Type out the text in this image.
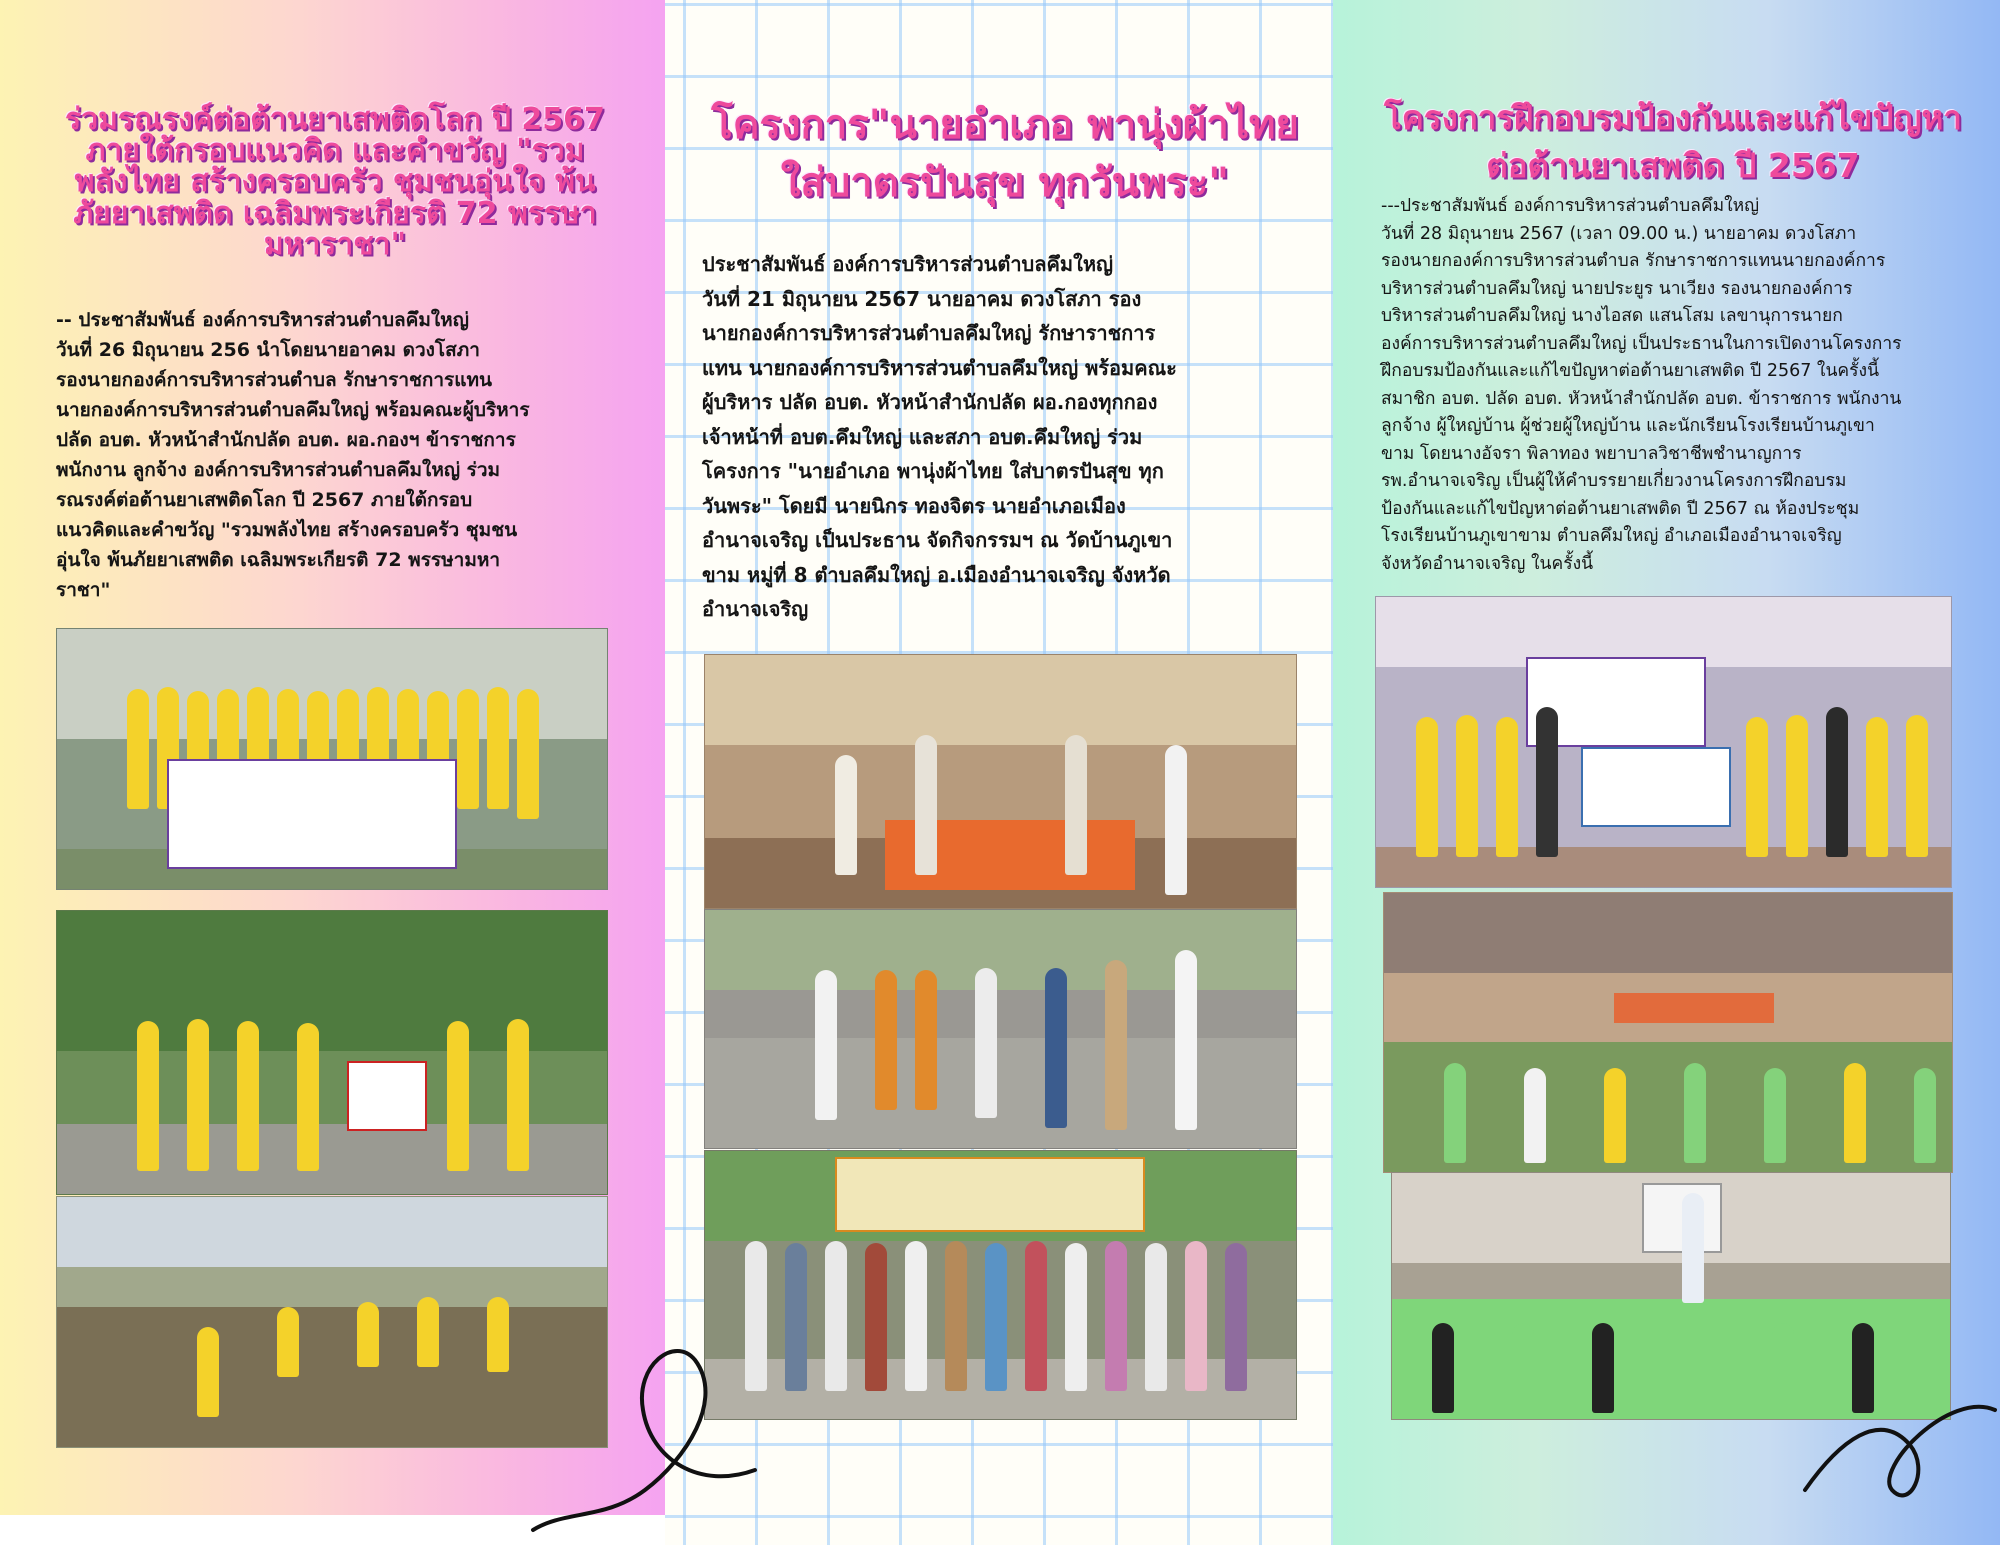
ร่วมรณรงค์ต่อต้านยาเสพติดโลก ปี 2567 ภายใต้กรอบแนวคิด และคำขวัญ "รวมพลังไทย สร้างครอบครัว ชุมชนอุ่นใจ พ้นภัยยาเสพติด เฉลิมพระเกียรติ 72 พรรษามหาราชา"
-- ประชาสัมพันธ์ องค์การบริหารส่วนตำบลคึมใหญ่
วันที่ 26 มิถุนายน 256 นำโดยนายอาคม ดวงโสภา
รองนายกองค์การบริหารส่วนตำบล รักษาราชการแทน
นายกองค์การบริหารส่วนตำบลคึมใหญ่ พร้อมคณะผู้บริหาร
ปลัด อบต. หัวหน้าสำนักปลัด อบต. ผอ.กองฯ ข้าราชการ
พนักงาน ลูกจ้าง องค์การบริหารส่วนตำบลคึมใหญ่ ร่วม
รณรงค์ต่อต้านยาเสพติดโลก ปี 2567 ภายใต้กรอบ
แนวคิดและคำขวัญ "รวมพลังไทย สร้างครอบครัว ชุมชน
อุ่นใจ พ้นภัยยาเสพติด เฉลิมพระเกียรติ 72 พรรษามหา
ราชา"
โครงการ"นายอำเภอ พานุ่งผ้าไทย ใส่บาตรปันสุข ทุกวันพระ"
ประชาสัมพันธ์ องค์การบริหารส่วนตำบลคึมใหญ่
วันที่ 21 มิถุนายน 2567 นายอาคม ดวงโสภา รอง
นายกองค์การบริหารส่วนตำบลคึมใหญ่ รักษาราชการ
แทน นายกองค์การบริหารส่วนตำบลคึมใหญ่ พร้อมคณะ
ผู้บริหาร ปลัด อบต. หัวหน้าสำนักปลัด ผอ.กองทุกกอง
เจ้าหน้าที่ อบต.คึมใหญ่ และสภา อบต.คึมใหญ่ ร่วม
โครงการ "นายอำเภอ พานุ่งผ้าไทย ใส่บาตรปันสุข ทุก
วันพระ" โดยมี นายนิกร ทองจิตร นายอำเภอเมือง
อำนาจเจริญ เป็นประธาน จัดกิจกรรมฯ ณ วัดบ้านภูเขา
ขาม หมู่ที่ 8 ตำบลคึมใหญ่ อ.เมืองอำนาจเจริญ จังหวัด
อำนาจเจริญ
โครงการฝึกอบรมป้องกันและแก้ไขปัญหาต่อต้านยาเสพติด ปี 2567
---ประชาสัมพันธ์ องค์การบริหารส่วนตำบลคึมใหญ่
วันที่ 28 มิถุนายน 2567 (เวลา 09.00 น.) นายอาคม ดวงโสภา
รองนายกองค์การบริหารส่วนตำบล รักษาราชการแทนนายกองค์การ
บริหารส่วนตำบลคึมใหญ่ นายประยูร นาเวียง รองนายกองค์การ
บริหารส่วนตำบลคึมใหญ่ นางไอสด แสนโสม เลขานุการนายก
องค์การบริหารส่วนตำบลคึมใหญ่ เป็นประธานในการเปิดงานโครงการ
ฝึกอบรมป้องกันและแก้ไขปัญหาต่อต้านยาเสพติด ปี 2567 ในครั้งนี้
สมาชิก อบต. ปลัด อบต. หัวหน้าสำนักปลัด อบต. ข้าราชการ พนักงาน
ลูกจ้าง ผู้ใหญ่บ้าน ผู้ช่วยผู้ใหญ่บ้าน และนักเรียนโรงเรียนบ้านภูเขา
ขาม โดยนางอัจรา พิลาทอง พยาบาลวิชาชีพชำนาญการ
รพ.อำนาจเจริญ เป็นผู้ให้คำบรรยายเกี่ยวงานโครงการฝึกอบรม
ป้องกันและแก้ไขปัญหาต่อต้านยาเสพติด ปี 2567 ณ ห้องประชุม
โรงเรียนบ้านภูเขาขาม ตำบลคึมใหญ่ อำเภอเมืองอำนาจเจริญ
จังหวัดอำนาจเจริญ ในครั้งนี้
